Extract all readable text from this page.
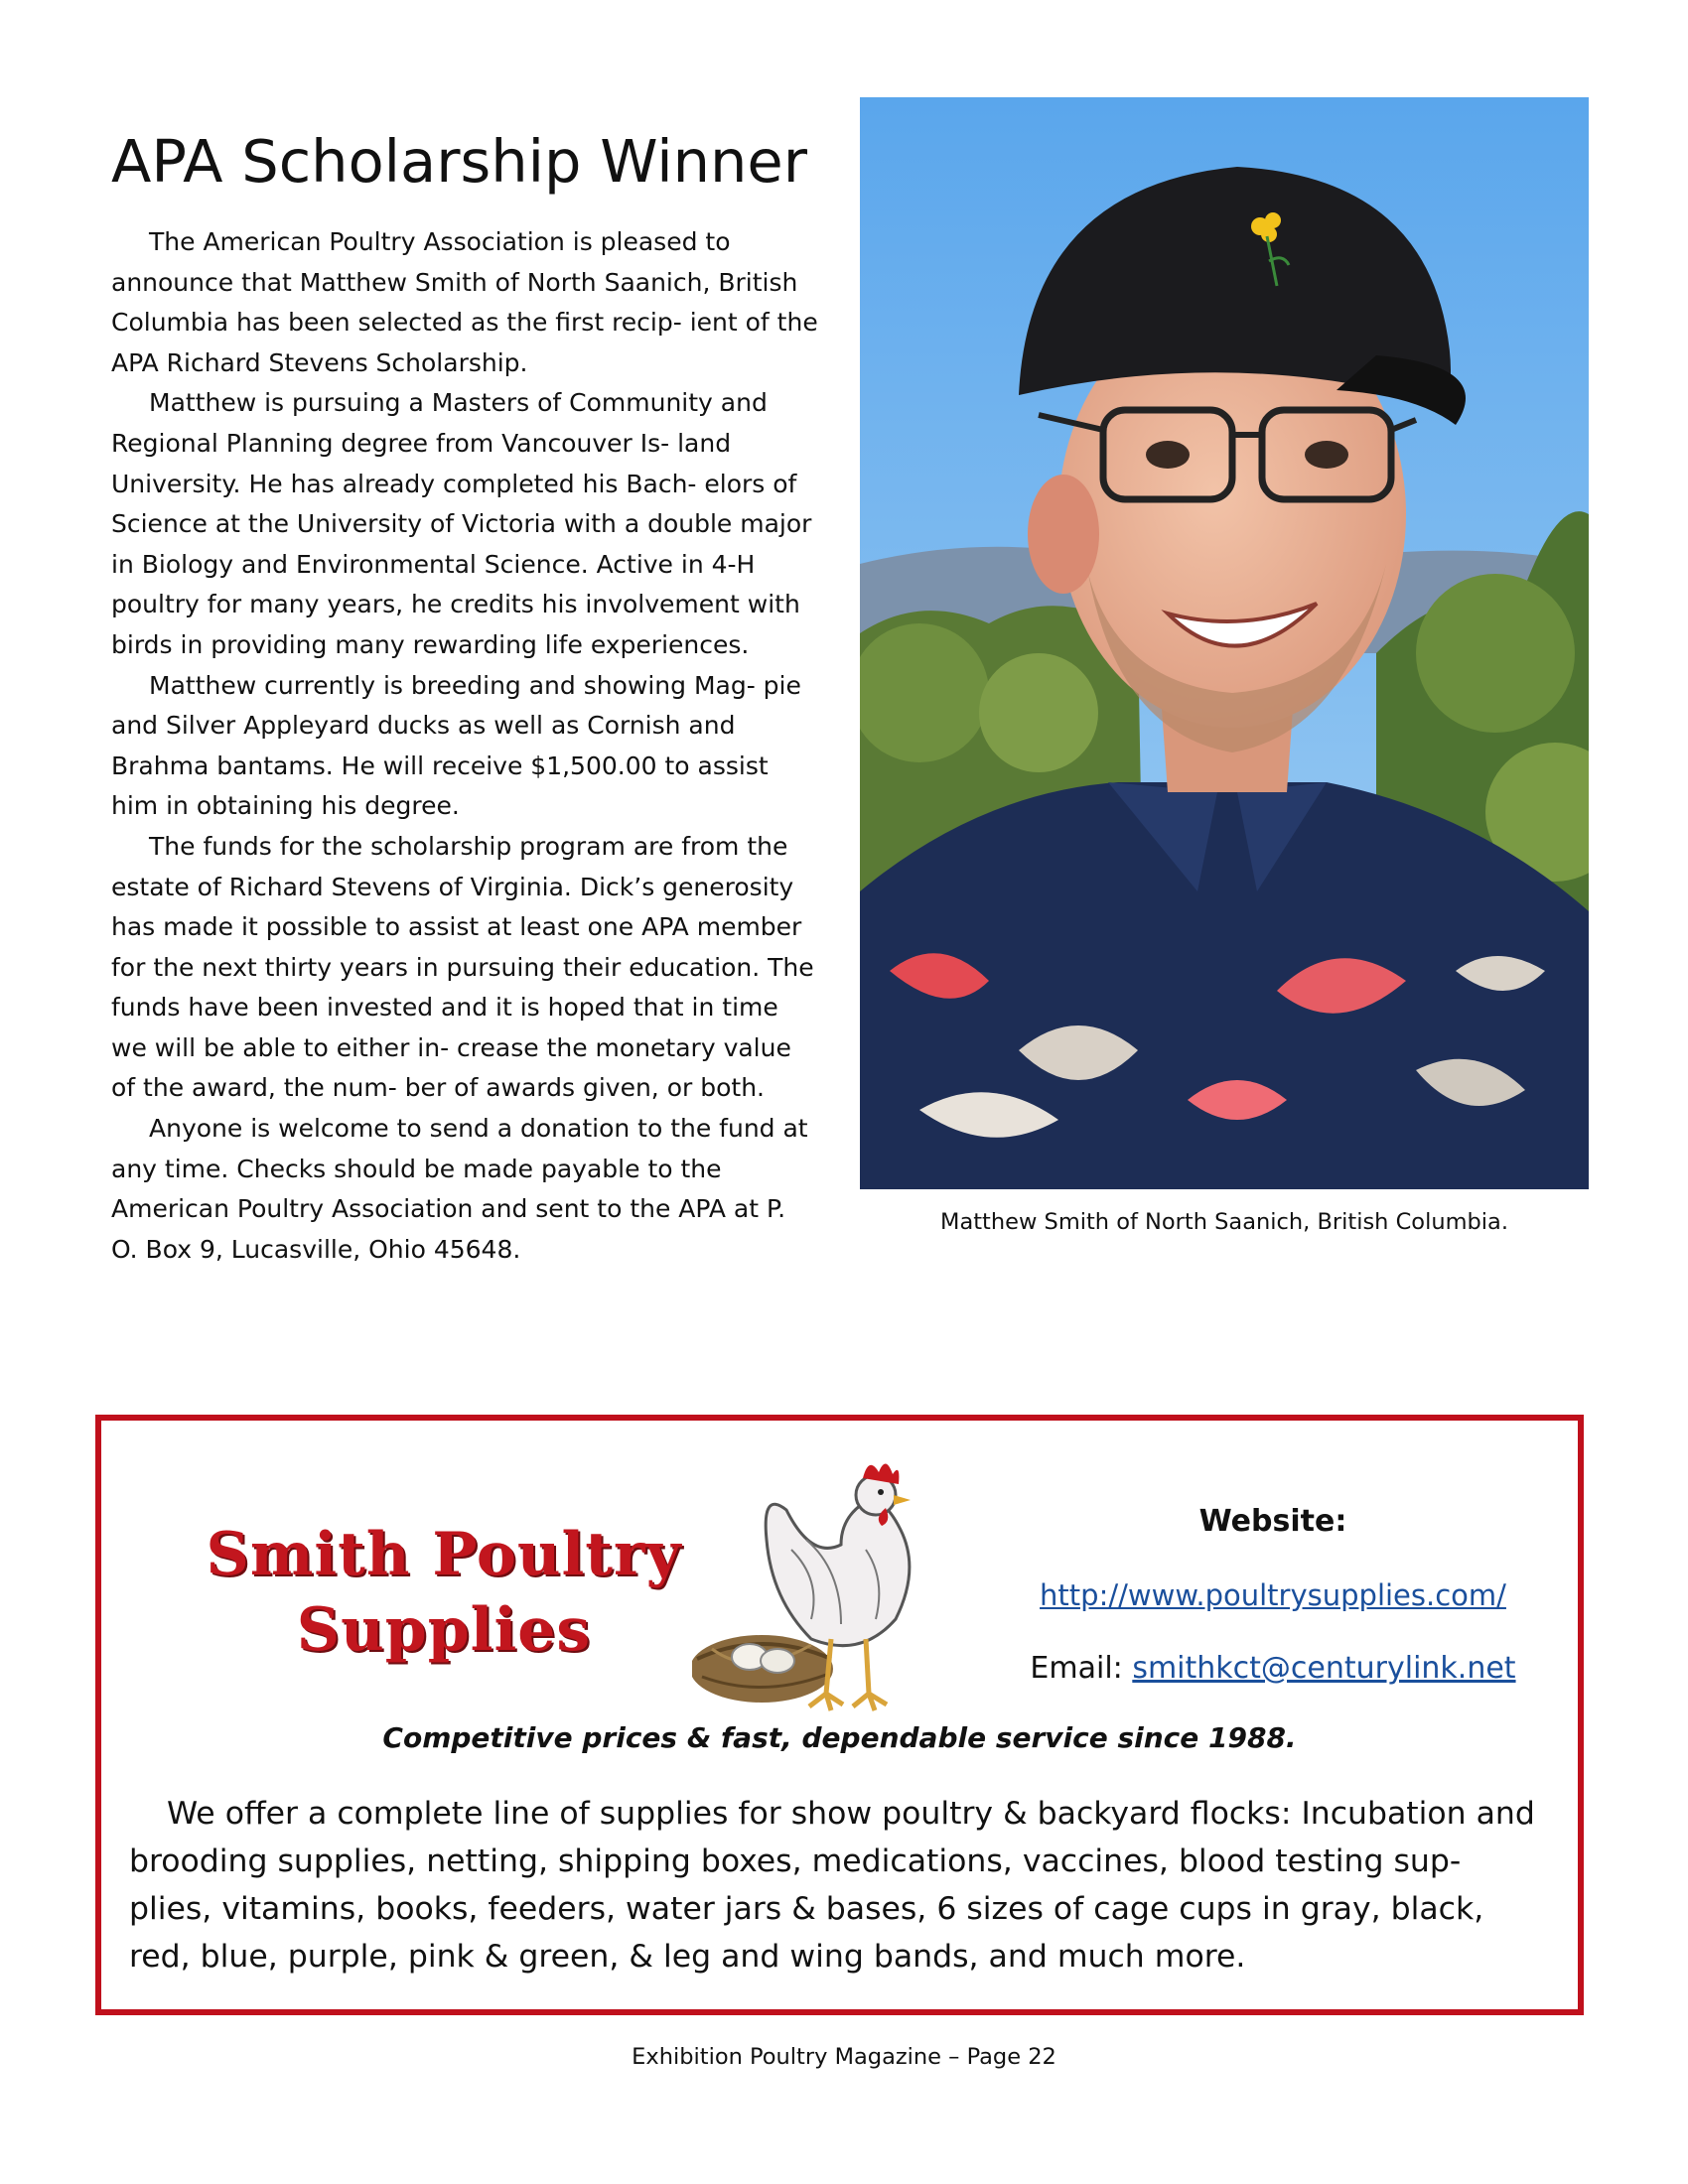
APA Scholarship Winner

The American Poultry Association is pleased to announce that Matthew Smith of North Saanich, British Columbia has been selected as the first recip- ient of the APA Richard Stevens Scholarship.

Matthew is pursuing a Masters of Community and Regional Planning degree from Vancouver Is- land University. He has already completed his Bach- elors of Science at the University of Victoria with a double major in Biology and Environmental Science. Active in 4-H poultry for many years, he credits his involvement with birds in providing many rewarding life experiences.

Matthew currently is breeding and showing Mag- pie and Silver Appleyard ducks as well as Cornish and Brahma bantams. He will receive $1,500.00 to assist him in obtaining his degree.

The funds for the scholarship program are from the estate of Richard Stevens of Virginia. Dick’s generosity has made it possible to assist at least one APA member for the next thirty years in pursuing their education. The funds have been invested and it is hoped that in time we will be able to either in- crease the monetary value of the award, the num- ber of awards given, or both.

Anyone is welcome to send a donation to the fund at any time. Checks should be made payable to the American Poultry Association and sent to the APA at P. O. Box 9, Lucasville, Ohio 45648.

Matthew Smith of North Saanich, British Columbia.
Smith Poultry
Supplies
Website:
http://www.poultrysupplies.com/
Email: smithkct@centurylink.net
Competitive prices & fast, dependable service since 1988.

We offer a complete line of supplies for show poultry & backyard flocks: Incubation and brooding supplies, netting, shipping boxes, medications, vaccines, blood testing sup- plies, vitamins, books, feeders, water jars & bases, 6 sizes of cage cups in gray, black, red, blue, purple, pink & green, & leg and wing bands, and much more.

Exhibition Poultry Magazine – Page 22
